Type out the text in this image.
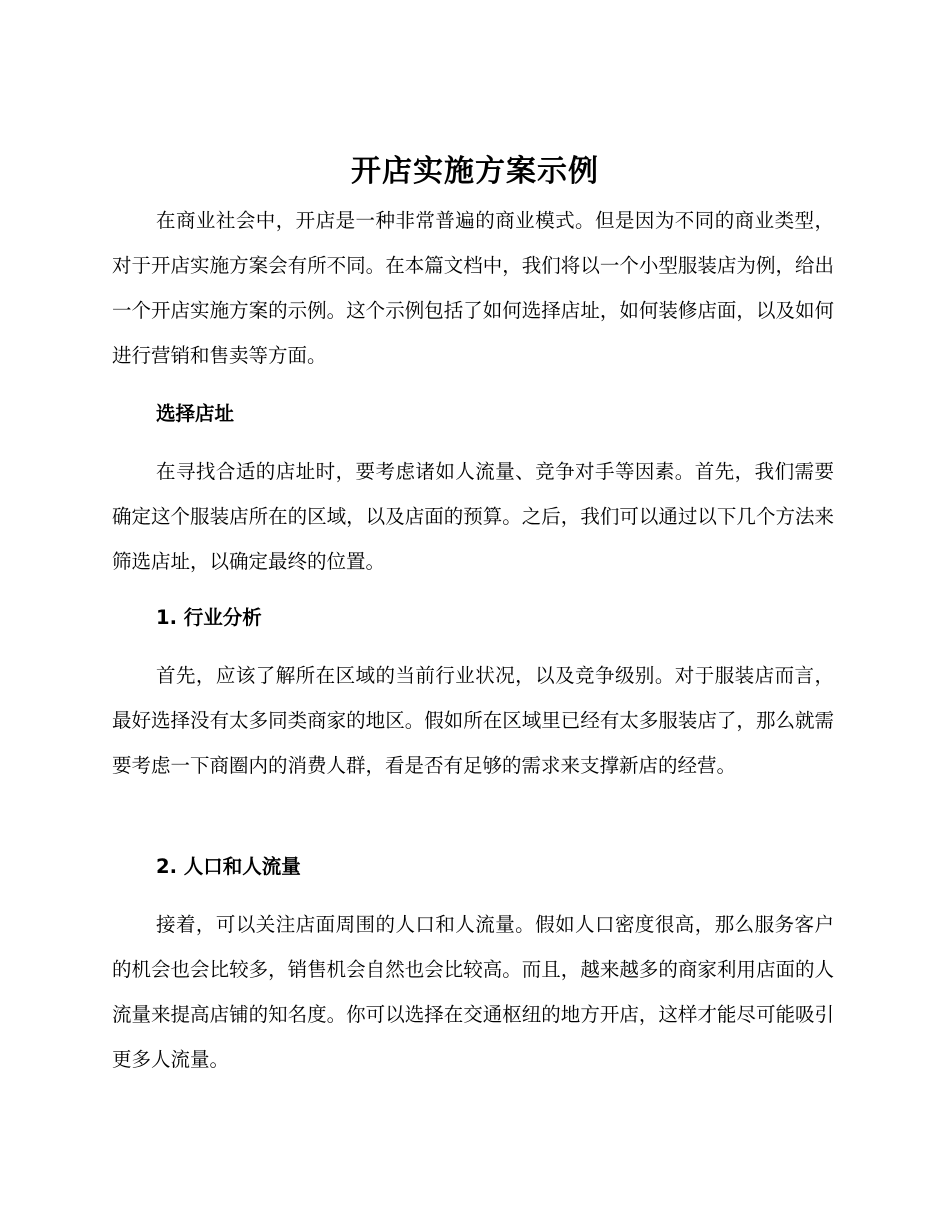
开店实施方案示例

在商业社会中，开店是一种非常普遍的商业模式。但是因为不同的商业类型，对于开店实施方案会有所不同。在本篇文档中，我们将以一个小型服装店为例，给出一个开店实施方案的示例。这个示例包括了如何选择店址，如何装修店面，以及如何进行营销和售卖等方面。

选择店址

在寻找合适的店址时，要考虑诸如人流量、竞争对手等因素。首先，我们需要确定这个服装店所在的区域，以及店面的预算。之后，我们可以通过以下几个方法来筛选店址，以确定最终的位置。

1. 行业分析

首先，应该了解所在区域的当前行业状况，以及竞争级别。对于服装店而言，最好选择没有太多同类商家的地区。假如所在区域里已经有太多服装店了，那么就需要考虑一下商圈内的消费人群，看是否有足够的需求来支撑新店的经营。

2. 人口和人流量

接着，可以关注店面周围的人口和人流量。假如人口密度很高，那么服务客户的机会也会比较多，销售机会自然也会比较高。而且，越来越多的商家利用店面的人流量来提高店铺的知名度。你可以选择在交通枢纽的地方开店，这样才能尽可能吸引更多人流量。
